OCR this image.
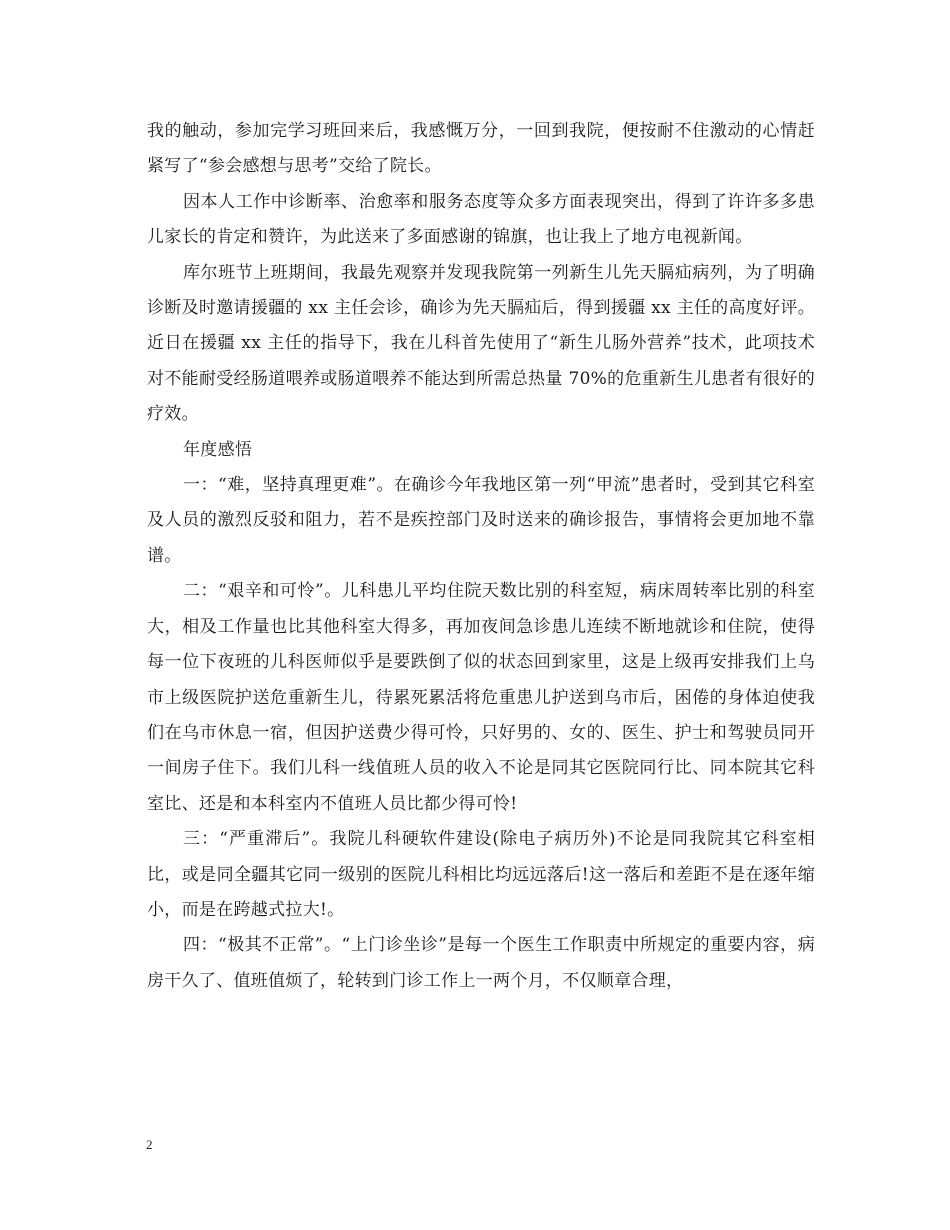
我的触动，参加完学习班回来后，我感慨万分，一回到我院，便按耐不住激动的心情赶紧写了“参会感想与思考”交给了院长。

因本人工作中诊断率、治愈率和服务态度等众多方面表现突出，得到了许许多多患儿家长的肯定和赞许，为此送来了多面感谢的锦旗，也让我上了地方电视新闻。

库尔班节上班期间，我最先观察并发现我院第一列新生儿先天膈疝病列，为了明确诊断及时邀请援疆的 xx 主任会诊，确诊为先天膈疝后，得到援疆 xx 主任的高度好评。近日在援疆 xx 主任的指导下，我在儿科首先使用了“新生儿肠外营养”技术，此项技术对不能耐受经肠道喂养或肠道喂养不能达到所需总热量 70%的危重新生儿患者有很好的疗效。

年度感悟

一：“难，坚持真理更难”。在确诊今年我地区第一列“甲流”患者时，受到其它科室及人员的激烈反驳和阻力，若不是疾控部门及时送来的确诊报告，事情将会更加地不靠谱。

二：“艰辛和可怜”。儿科患儿平均住院天数比别的科室短，病床周转率比别的科室大，相及工作量也比其他科室大得多，再加夜间急诊患儿连续不断地就诊和住院，使得每一位下夜班的儿科医师似乎是要跌倒了似的状态回到家里，这是上级再安排我们上乌市上级医院护送危重新生儿，待累死累活将危重患儿护送到乌市后，困倦的身体迫使我们在乌市休息一宿，但因护送费少得可怜，只好男的、女的、医生、护士和驾驶员同开一间房子住下。我们儿科一线值班人员的收入不论是同其它医院同行比、同本院其它科室比、还是和本科室内不值班人员比都少得可怜!

三：“严重滞后”。我院儿科硬软件建设(除电子病历外)不论是同我院其它科室相比，或是同全疆其它同一级别的医院儿科相比均远远落后!这一落后和差距不是在逐年缩小，而是在跨越式拉大!。

四：“极其不正常”。“上门诊坐诊”是每一个医生工作职责中所规定的重要内容，病房干久了、值班值烦了，轮转到门诊工作上一两个月，不仅顺章合理，

2
